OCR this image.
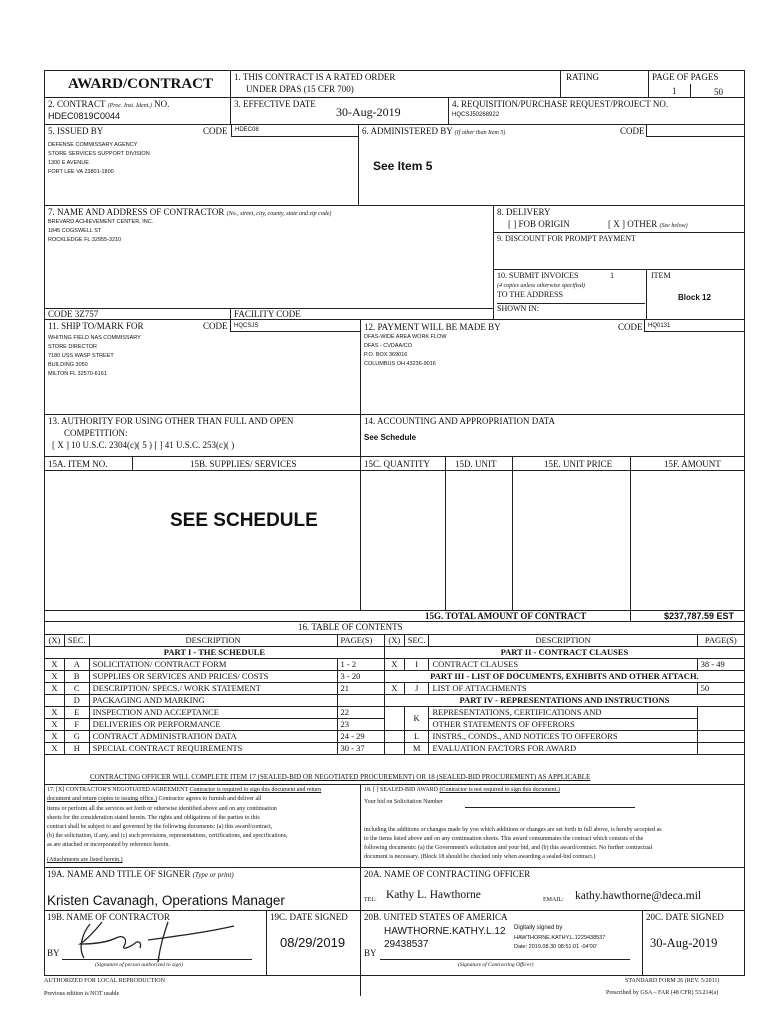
AWARD/CONTRACT 1. THIS CONTRACT IS A RATED ORDER
UNDER DPAS (15 CFR 700)
RATING	PAGE OF PAGES
1	50
2. CONTRACT (Proc. Inst. Ident.) NO.
HDEC0819C0044
3. EFFECTIVE DATE
30-Aug-2019
4. REQUISITION/PURCHASE REQUEST/PROJECT NO.
HQCSJ50268922
5. ISSUED BY	CODE HDEC08
DEFENSE COMMISSARY AGENCY
STORE SERVICES SUPPORT DIVISION
1300 E AVENUE
FORT LEE VA 23801-1800
6. ADMINISTERED BY (If other than Item 5)	CODE
See Item 5
7. NAME AND ADDRESS OF CONTRACTOR (No., street, city, county, state and zip code)
BREVARD ACHIEVEMENT CENTER, INC.
1845 COGSWELL ST
ROCKLEDGE FL 32955-3210
8. DELIVERY
[ ] FOB ORIGIN	[ X ] OTHER (See below)
9. DISCOUNT FOR PROMPT PAYMENT
10. SUBMIT INVOICES	1
(4 copies unless otherwise specified)
TO THE ADDRESS
SHOWN IN:
ITEM
Block 12
CODE 3Z757	FACILITY CODE
11. SHIP TO/MARK FOR	CODE HQCSJS
WHITING FIELD NAS COMMISSARY
STORE DIRECTOR
7180 USS WASP STREET
BUILDING 3050
MILTON FL 32570-6161
12. PAYMENT WILL BE MADE BY	CODE HQ0131
DFAS-WIDE AREA WORK FLOW
DFAS - CVDAA/CO
P.O. BOX 369016
COLUMBUS OH 43236-9016
13. AUTHORITY FOR USING OTHER THAN FULL AND OPEN
COMPETITION:
[ X ] 10 U.S.C. 2304(c)( 5 ) [ ] 41 U.S.C. 253(c)( )
14. ACCOUNTING AND APPROPRIATION DATA
See Schedule
15A. ITEM NO.	15B. SUPPLIES/ SERVICES	15C. QUANTITY	15D. UNIT	15E. UNIT PRICE	15F. AMOUNT
SEE SCHEDULE
15G. TOTAL AMOUNT OF CONTRACT	$237,787.59 EST
16. TABLE OF CONTENTS
(X)	SEC.	DESCRIPTION	PAGE(S)	(X)	SEC.	DESCRIPTION	PAGE(S)
PART I - THE SCHEDULE				PART II - CONTRACT CLAUSES			
X	A	SOLICITATION/ CONTRACT FORM	1 - 2	X	I	CONTRACT CLAUSES	38 - 49
X	B	SUPPLIES OR SERVICES AND PRICES/ COSTS	3 - 20	PART III - LIST OF DOCUMENTS, EXHIBITS AND OTHER ATTACH.			
X	C	DESCRIPTION/ SPECS./ WORK STATEMENT	21	X	J	LIST OF ATTACHMENTS	50
	D	PACKAGING AND MARKING		PART IV - REPRESENTATIONS AND INSTRUCTIONS			
X	E	INSPECTION AND ACCEPTANCE	22		K	REPRESENTATIONS, CERTIFICATIONS AND	
X	F	DELIVERIES OR PERFORMANCE	23			OTHER STATEMENTS OF OFFERORS	
X	G	CONTRACT ADMINISTRATION DATA	24 - 29		L	INSTRS., CONDS., AND NOTICES TO OFFERORS	
X	H	SPECIAL CONTRACT REQUIREMENTS	30 - 37		M	EVALUATION FACTORS FOR AWARD	
CONTRACTING OFFICER WILL COMPLETE ITEM 17 (SEALED-BID OR NEGOTIATED PROCUREMENT) OR 18 (SEALED-BID PROCUREMENT) AS APPLICABLE
17. [X] CONTRACTOR'S NEGOTIATED AGREEMENT Contractor is required to sign this document and return
document and return copies to issuing office.) Contractor agrees to furnish and deliver all
items or perform all the services set forth or otherwise identified above and on any continuation
sheets for the consideration stated herein. The rights and obligations of the parties to this
contract shall be subject to and governed by the following documents: (a) this award/contract,
(b) the solicitation, if any, and (c) such provisions, representations, certifications, and specifications,
as are attached or incorporated by reference herein.
(Attachments are listed herein.)
18. [ ] SEALED-BID AWARD (Contractor is not required to sign this document.)
Your bid on Solicitation Number
including the additions or changes made by you which additions or changes are set forth in full above, is hereby accepted as
to the items listed above and on any continuation sheets. This award consummates the contract which consists of the
following documents: (a) the Government's solicitation and your bid, and (b) this award/contract. No further contractual
document is necessary. (Block 18 should be checked only when awarding a sealed-bid contract.)
19A. NAME AND TITLE OF SIGNER (Type or print)
Kristen Cavanagh, Operations Manager
20A. NAME OF CONTRACTING OFFICER
TEL: Kathy L. Hawthorne	EMAIL: kathy.hawthorne@deca.mil
19B. NAME OF CONTRACTOR
BY
(Signature of person authorized to sign)
19C. DATE SIGNED
08/29/2019
20B. UNITED STATES OF AMERICA
BY
HAWTHORNE.KATHY.L.12
29438537
Digitally signed by
HAWTHORNE.KATHY.L.1229438537
Date: 2019.08.30 08:51:01 -04'00'
(Signature of Contracting Officer)
20C. DATE SIGNED
30-Aug-2019
AUTHORIZED FOR LOCAL REPRODUCTION
Previous edition is NOT usable
STANDARD FORM 26 (REV. 5/2011)
Prescribed by GSA – FAR (48 CFR) 53.214(a)
